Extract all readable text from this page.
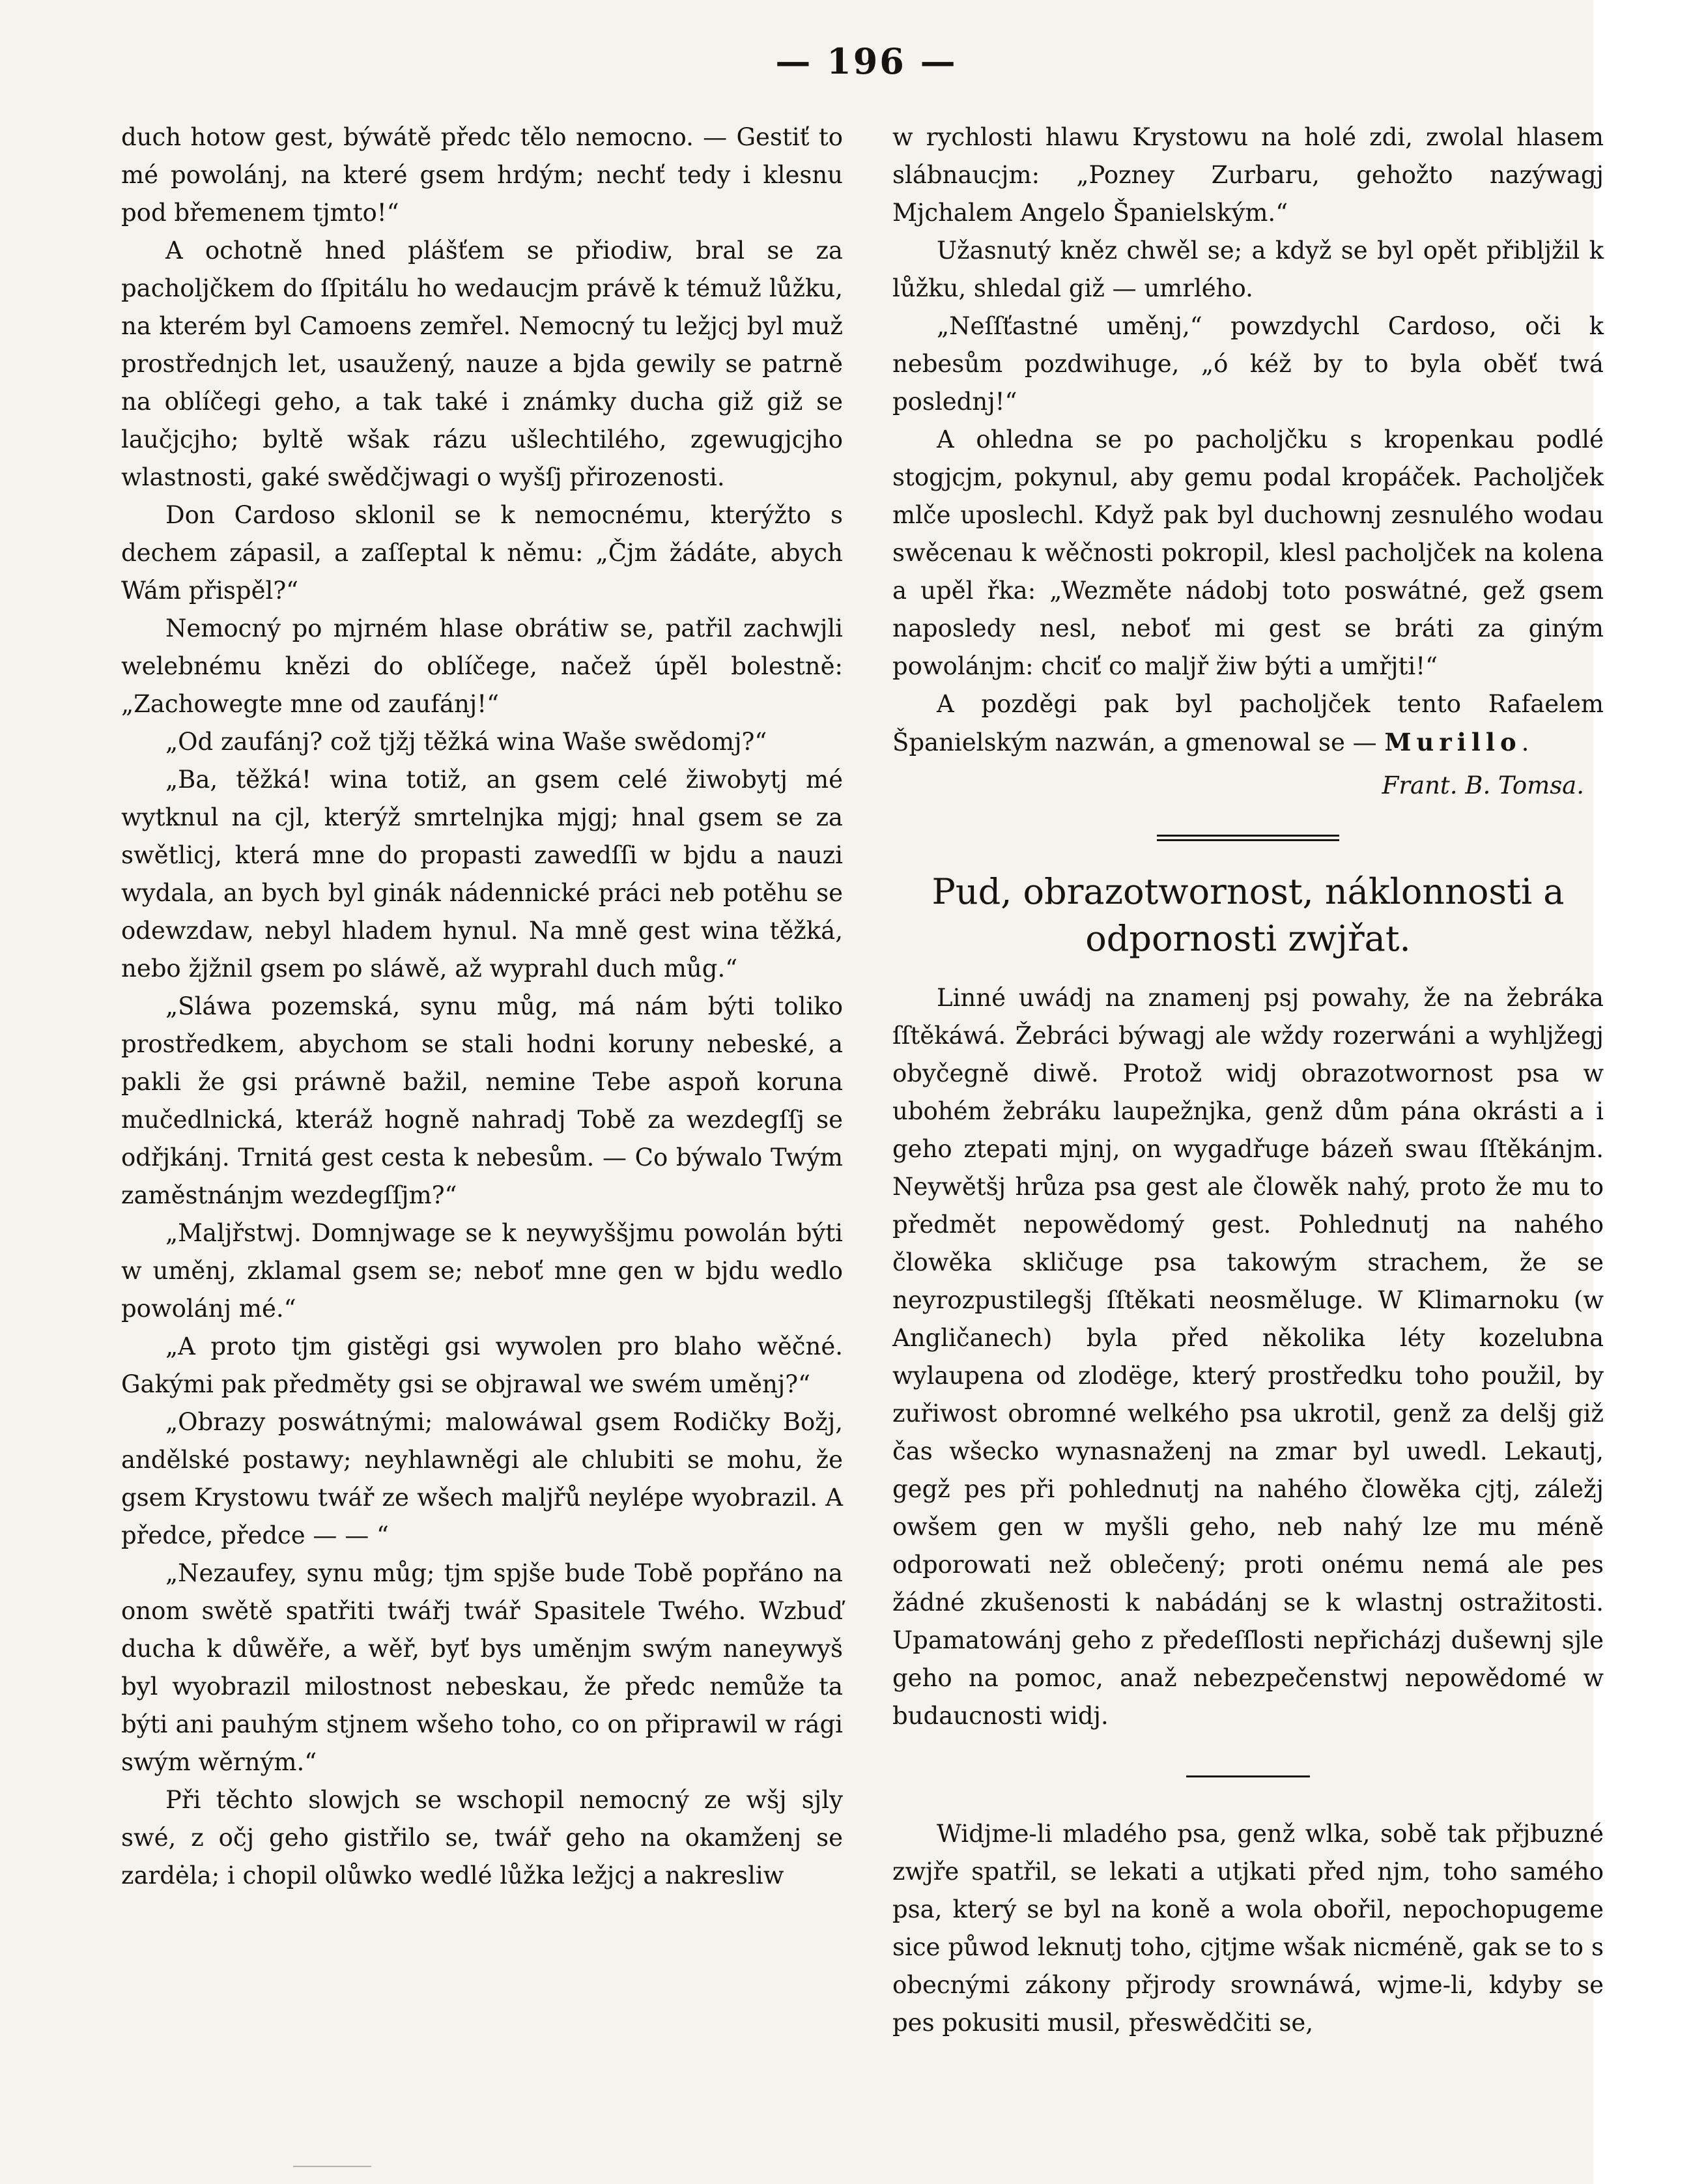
— 196 —

duch hotow gest, býwátě předc tělo nemocno. — Gestiť to mé powolánj, na které gsem hrdým; nechť tedy i klesnu pod břemenem tjmto!“

A ochotně hned plášťem se přiodiw, bral se za pacholjčkem do ſſpitálu ho wedaucjm právě k témuž lůžku, na kterém byl Camoens zemřel. Nemocný tu ležjcj byl muž prostřednjch let, usaužený, nauze a bjda gewily se patrně na oblíčegi geho, a tak také i známky ducha giž giž se laučjcjho; byltě wšak rázu ušlechtilého, zgewugjcjho wlastnosti, gaké swědčjwagi o wyšſj přirozenosti.

Don Cardoso sklonil se k nemocnému, kterýžto s dechem zápasil, a zaſſeptal k němu: „Čjm žádáte, abych Wám přispěl?“

Nemocný po mjrném hlase obrátiw se, patřil zachwjli welebnému knězi do oblíčege, načež úpěl bolestně: „Zachowegte mne od zaufánj!“

„Od zaufánj? což tjžj těžká wina Waše swědomj?“

„Ba, těžká! wina totiž, an gsem celé žiwobytj mé wytknul na cjl, kterýž smrtelnjka mjgj; hnal gsem se za swětlicj, která mne do propasti zawedſſi w bjdu a nauzi wydala, an bych byl ginák nádennické práci neb potěhu se odewzdaw, nebyl hladem hynul. Na mně gest wina těžká, nebo žjžnil gsem po sláwě, až wyprahl duch můg.“

„Sláwa pozemská, synu můg, má nám býti toliko prostředkem, abychom se stali hodni koruny nebeské, a pakli že gsi práwně bažil, nemine Tebe aspoň koruna mučedlnická, kteráž hogně nahradj Tobě za wezdegſſj se odřjkánj. Trnitá gest cesta k nebesům. — Co býwalo Twým zaměstnánjm wezdegſſjm?“

„Malјřstwj. Domnjwage se k neywyššjmu powolán býti w uměnj, zklamal gsem se; neboť mne gen w bjdu wedlo powolánj mé.“

„A proto tjm gistěgi gsi wywolen pro blaho wěčné. Gakými pak předměty gsi se objrawal we swém uměnj?“

„Obrazy poswátnými; malowáwal gsem Rodičky Božj, andělské postawy; neyhlawněgi ale chlubiti se mohu, že gsem Krystowu twář ze wšech malјřů neylépe wyobrazil. A předce, předce — — “

„Nezaufey, synu můg; tjm spjše bude Tobě popřáno na onom swětě spatřiti twářj twář Spasitele Twého. Wzbuď ducha k důwěře, a wěř, byť bys uměnjm swým naneywyš byl wyobrazil milostnost nebeskau, že předc nemůže ta býti ani pauhým stjnem wšeho toho, co on připrawil w rági swým wěrným.“

Při těchto slowjch se wschopil nemocný ze wšj sjly swé, z očj geho gistřilo se, twář geho na okamženj se zardėla; i chopil olůwko wedlé lůžka ležjcj a nakreslіw

w rychlosti hlawu Krystowu na holé zdi, zwolal hlasem slábnaucjm: „Pozney Zurbaru, gehožto nazýwagj Mjchalem Angelo Španielským.“

Užasnutý kněz chwěl se; a když se byl opět přiblјžil k lůžku, shledal giž — umrlého.

„Neſſťastné uměnj,“ powzdychl Cardoso, oči k nebesům pozdwihuge, „ó kéž by to byla oběť twá poslednj!“

A ohledna se po pacholjčku s kropenkau podlé stogjcjm, pokynul, aby gemu podal kropáček. Pacholjček mlčе uposlechl. Když pak byl duchownj zesnulého wodau swěcenau k wěčnosti pokropil, klesl pacholjček na kolena a upěl řka: „Wezměte nádobj toto poswátné, gež gsem naposledy nesl, neboť mi gest se bráti za giným powolánjm: chciť co maljř žiw býti a umřjti!“

A pozděgi pak byl pacholjček tento Rafaelem Španielským nazwán, a gmenowal se — Murillo.

Frant. B. Tomsa.
Pud, obrazotwornost, náklonnosti a odpornosti zwjřat.

Linné uwádj na znamenj psj powahy, že na žebráka ſſtěkáwá. Žebráci býwagj ale wždy rozerwáni a wyhlјžegj obyčegně diwě. Protož widj obrazotwornost psa w ubohém žebráku laupežnjka, genž dům pána okrásti a i geho ztepati mjnj, on wygadřuge bázeň swau ſſtěkánjm. Neywětšj hrůza psa gest ale člowěk nahý, proto že mu to předmět nepowědomý gest. Pohlednutj na nahého člowěka skličuge psa takowým strachem, že se neyrozpustilegšj ſſtěkati neosměluge. W Klimarnoku (w Anglіčanech) byla před několika léty kozelubna wylaupena od zlodёge, který prostředku toho použil, by zuřiwost obromné welkého psa ukrotil, genž za delšj giž čas wšecko wynasnaženj na zmar byl uwedl. Lekautj, gegž pes při pohlednutj na nahého člowěka cjtj, záležj owšem gen w myšli geho, neb nahý lze mu méně odporowati než oblečený; proti onému nemá ale pes žádné zkušenosti k nabádánj se k wlastnj ostražitosti. Upamatowánj geho z předeſſlosti nepřicházj dušewnj sjle geho na pomoc, anaž nebezpečenstwj nepowědomé w budaucnosti widj.

Widjme-li mladého psa, genž wlka, sobě tak přjbuzné zwjře spatřil, se lekati a utjkati před njm, toho samého psa, který se byl na koně a wola obořil, nepochopugeme sice půwod leknutj toho, cjtjme wšak nicméně, gak se to s obecnými zákony přjrody srownáwá, wjme-li, kdyby se pes pokusiti musil, přeswědčiti se,
